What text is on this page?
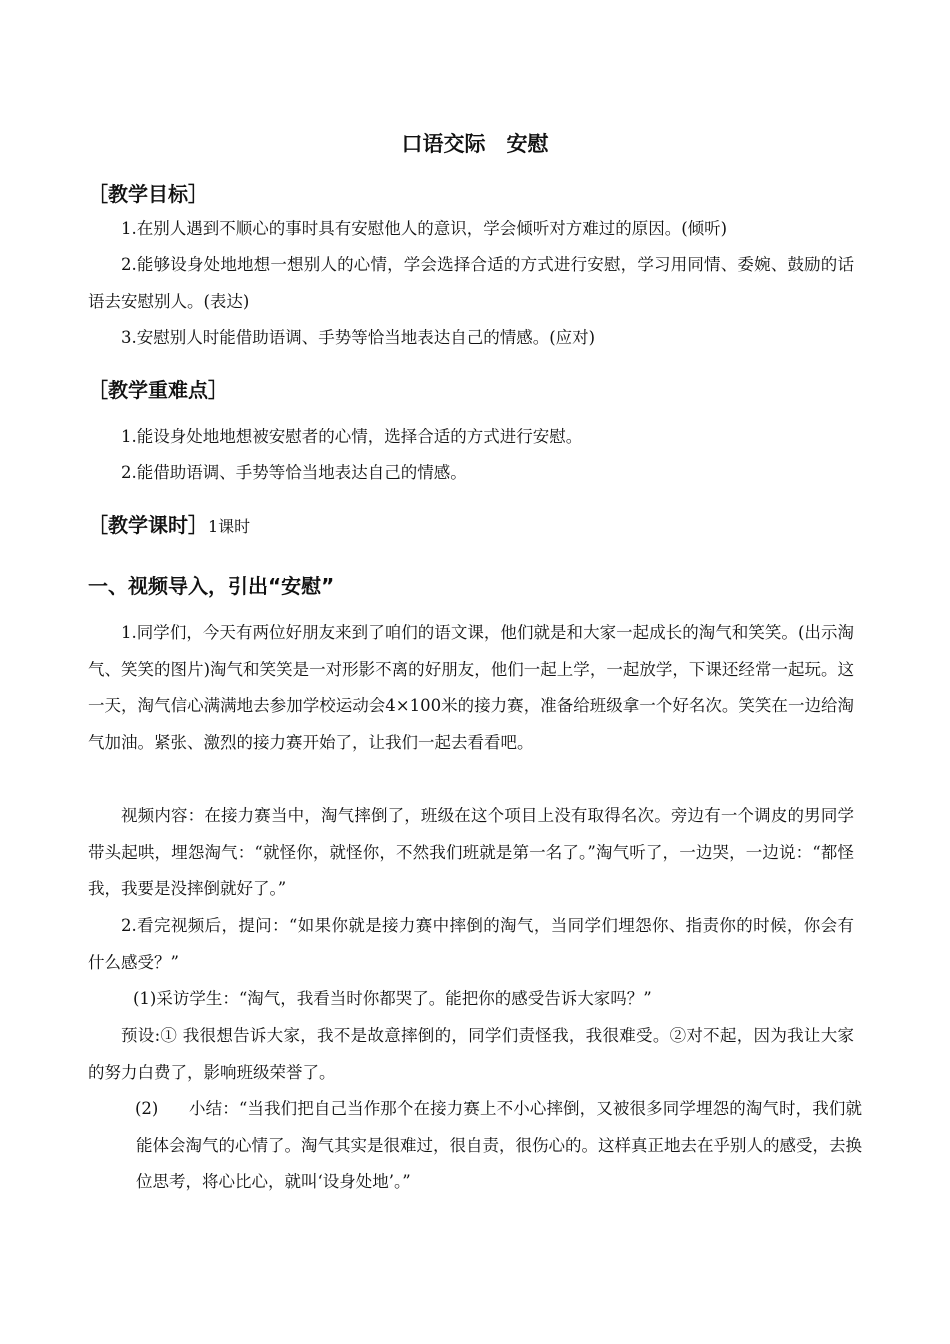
口语交际　安慰
［教学目标］
1.在别人遇到不顺心的事时具有安慰他人的意识，学会倾听对方难过的原因。(倾听)
2.能够设身处地地想一想别人的心情，学会选择合适的方式进行安慰，学习用同情、委婉、鼓励的话语去安慰别人。(表达)
3.安慰别人时能借助语调、手势等恰当地表达自己的情感。(应对)
［教学重难点］
1.能设身处地地想被安慰者的心情，选择合适的方式进行安慰。
2.能借助语调、手势等恰当地表达自己的情感。
［教学课时］1课时
一、视频导入，引出“安慰”
1.同学们，今天有两位好朋友来到了咱们的语文课，他们就是和大家一起成长的淘气和笑笑。(出示淘气、笑笑的图片)淘气和笑笑是一对形影不离的好朋友，他们一起上学，一起放学，下课还经常一起玩。这一天，淘气信心满满地去参加学校运动会4×100米的接力赛，准备给班级拿一个好名次。笑笑在一边给淘气加油。紧张、激烈的接力赛开始了，让我们一起去看看吧。
视频内容：在接力赛当中，淘气摔倒了，班级在这个项目上没有取得名次。旁边有一个调皮的男同学带头起哄，埋怨淘气：“就怪你，就怪你，不然我们班就是第一名了。”淘气听了，一边哭，一边说：“都怪我，我要是没摔倒就好了。”
2.看完视频后，提问：“如果你就是接力赛中摔倒的淘气，当同学们埋怨你、指责你的时候，你会有什么感受？”
(1)采访学生：“淘气，我看当时你都哭了。能把你的感受告诉大家吗？”
预设:① 我很想告诉大家，我不是故意摔倒的，同学们责怪我，我很难受。②对不起，因为我让大家的努力白费了，影响班级荣誉了。
(2)	小结：“当我们把自己当作那个在接力赛上不小心摔倒，又被很多同学埋怨的淘气时，我们就能体会淘气的心情了。淘气其实是很难过，很自责，很伤心的。这样真正地去在乎别人的感受，去换位思考，将心比心，就叫‘设身处地’。”
